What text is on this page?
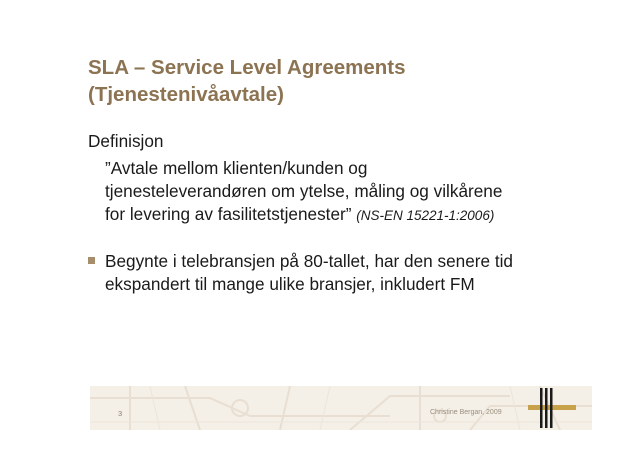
SLA – Service Level Agreements
(Tjenestenivåavtale)
Definisjon
”Avtale mellom klienten/kunden og
tjenesteleverandøren om ytelse, måling og vilkårene
for levering av fasilitetstjenester” (NS-EN 15221-1:2006)
Begynte i telebransjen på 80-tallet, har den senere tid
ekspandert til mange ulike bransjer, inkludert FM
3	Christine Bergan, 2009
